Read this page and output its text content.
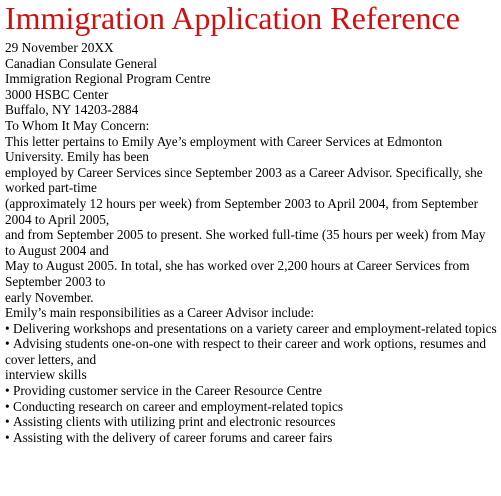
Immigration Application Reference
29 November 20XX
Canadian Consulate General
Immigration Regional Program Centre
3000 HSBC Center
Buffalo, NY 14203-2884
To Whom It May Concern:
This letter pertains to Emily Aye’s employment with Career Services at Edmonton University. Emily has been
employed by Career Services since September 2003 as a Career Advisor. Specifically, she worked part-time
(approximately 12 hours per week) from September 2003 to April 2004, from September 2004 to April 2005,
and from September 2005 to present. She worked full-time (35 hours per week) from May to August 2004 and
May to August 2005. In total, she has worked over 2,200 hours at Career Services from September 2003 to
early November.
Emily’s main responsibilities as a Career Advisor include:
• Delivering workshops and presentations on a variety career and employment-related topics
• Advising students one-on-one with respect to their career and work options, resumes and cover letters, and
interview skills
• Providing customer service in the Career Resource Centre
• Conducting research on career and employment-related topics
• Assisting clients with utilizing print and electronic resources
• Assisting with the delivery of career forums and career fairs
